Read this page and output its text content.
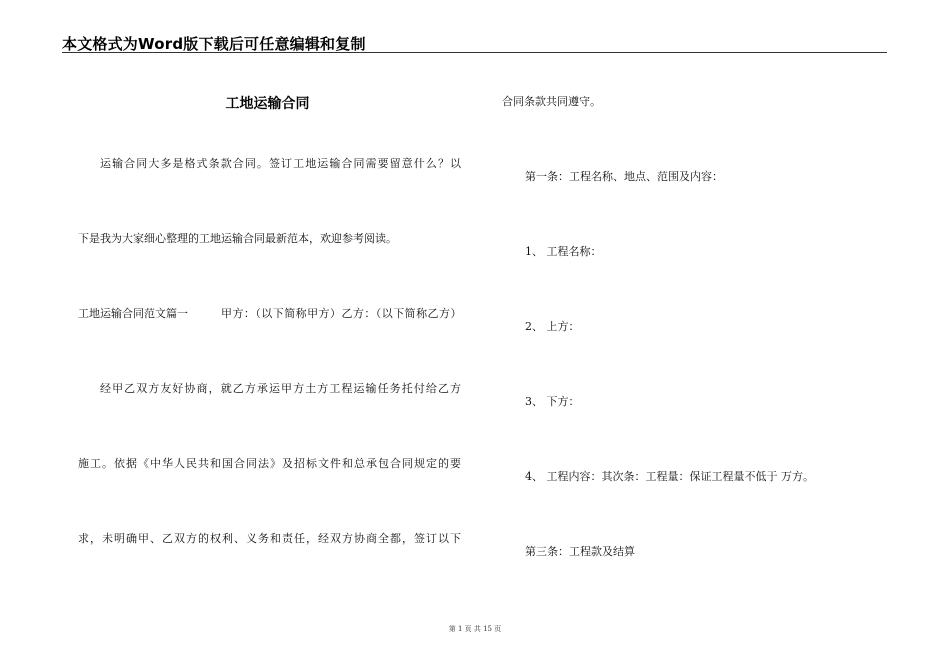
本文格式为Word版下载后可任意编辑和复制
工地运输合同
运输合同大多是格式条款合同。签订工地运输合同需要留意什么？以
下是我为大家细心整理的工地运输合同最新范本，欢迎参考阅读。
工地运输合同范文篇一	甲方：（以下简称甲方）乙方：（以下简称乙方）
经甲乙双方友好协商，就乙方承运甲方土方工程运输任务托付给乙方
施工。依据《中华人民共和国合同法》及招标文件和总承包合同规定的要
求，未明确甲、乙双方的权利、义务和责任，经双方协商全都，签订以下
合同条款共同遵守。
第一条：工程名称、地点、范围及内容：
1、 工程名称：
2、 上方：
3、 下方：
4、 工程内容：其次条：工程量：保证工程量不低于 万方。
第三条：工程款及结算
第 1 页 共 15 页
